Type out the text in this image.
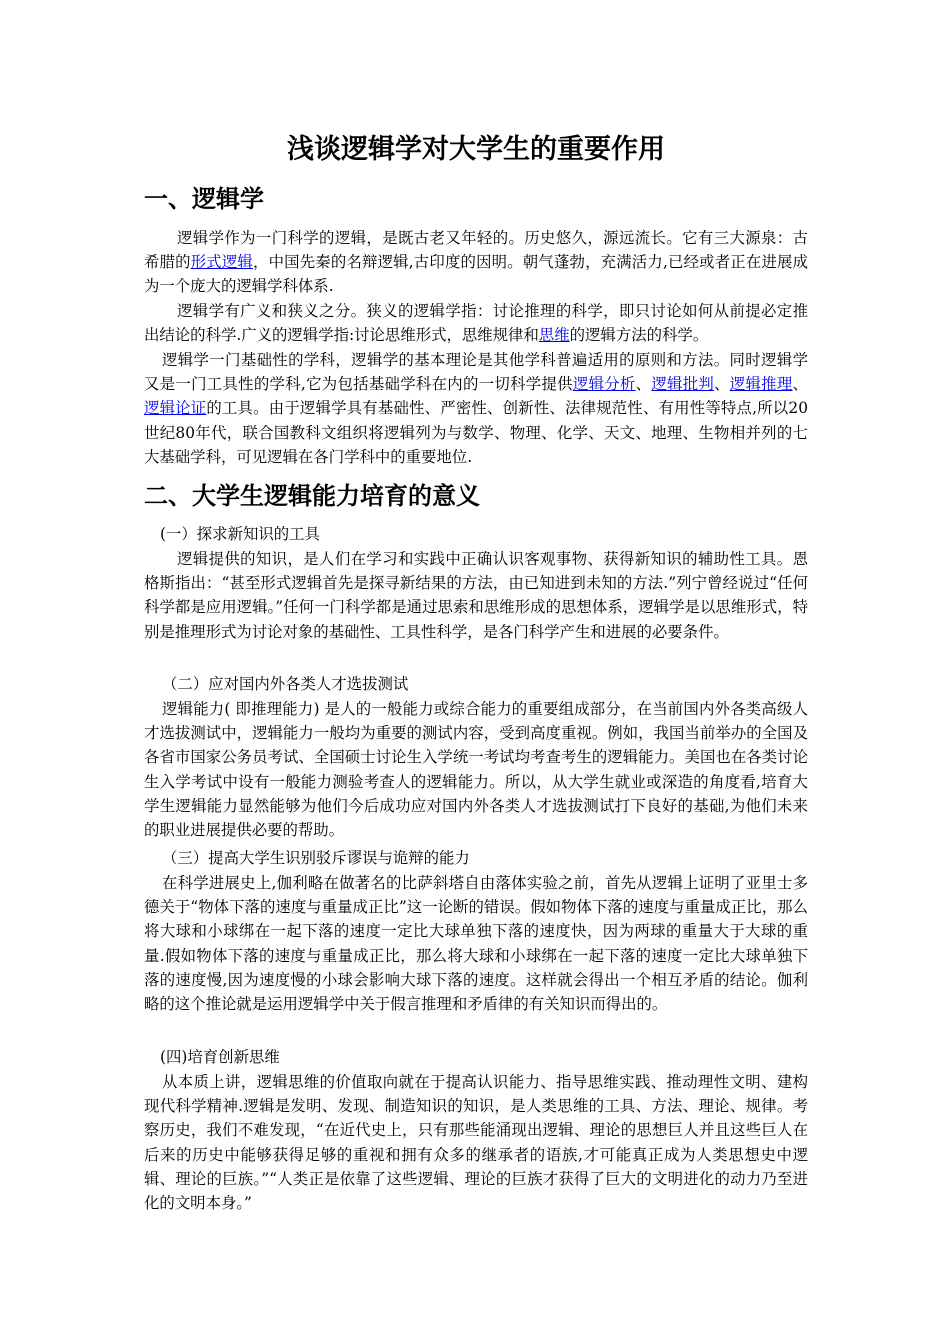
浅谈逻辑学对大学生的重要作用
一、逻辑学

逻辑学作为一门科学的逻辑，是既古老又年轻的。历史悠久，源远流长。它有三大源泉：古希腊的形式逻辑，中国先秦的名辩逻辑,古印度的因明。朝气蓬勃，充满活力,已经或者正在进展成为一个庞大的逻辑学科体系.

逻辑学有广义和狭义之分。狭义的逻辑学指：讨论推理的科学，即只讨论如何从前提必定推出结论的科学.广义的逻辑学指:讨论思维形式，思维规律和思维的逻辑方法的科学。

逻辑学一门基础性的学科，逻辑学的基本理论是其他学科普遍适用的原则和方法。同时逻辑学又是一门工具性的学科,它为包括基础学科在内的一切科学提供逻辑分析、逻辑批判、逻辑推理、逻辑论证的工具。由于逻辑学具有基础性、严密性、创新性、法律规范性、有用性等特点,所以20世纪80年代，联合国教科文组织将逻辑列为与数学、物理、化学、天文、地理、生物相并列的七大基础学科，可见逻辑在各门学科中的重要地位.

二、大学生逻辑能力培育的意义
(一）探求新知识的工具

逻辑提供的知识，是人们在学习和实践中正确认识客观事物、获得新知识的辅助性工具。恩格斯指出：“甚至形式逻辑首先是探寻新结果的方法，由已知进到未知的方法.”列宁曾经说过“任何科学都是应用逻辑。”任何一门科学都是通过思索和思维形成的思想体系，逻辑学是以思维形式，特别是推理形式为讨论对象的基础性、工具性科学，是各门科学产生和进展的必要条件。

（二）应对国内外各类人才选拔测试

逻辑能力( 即推理能力) 是人的一般能力或综合能力的重要组成部分，在当前国内外各类高级人才选拔测试中，逻辑能力一般均为重要的测试内容，受到高度重视。例如，我国当前举办的全国及各省市国家公务员考试、全国硕士讨论生入学统一考试均考查考生的逻辑能力。美国也在各类讨论生入学考试中设有一般能力测验考查人的逻辑能力。所以，从大学生就业或深造的角度看,培育大学生逻辑能力显然能够为他们今后成功应对国内外各类人才选拔测试打下良好的基础,为他们未来的职业进展提供必要的帮助。

（三）提高大学生识别驳斥谬误与诡辩的能力

在科学进展史上,伽利略在做著名的比萨斜塔自由落体实验之前，首先从逻辑上证明了亚里士多德关于“物体下落的速度与重量成正比”这一论断的错误。假如物体下落的速度与重量成正比，那么将大球和小球绑在一起下落的速度一定比大球单独下落的速度快，因为两球的重量大于大球的重量.假如物体下落的速度与重量成正比，那么将大球和小球绑在一起下落的速度一定比大球单独下落的速度慢,因为速度慢的小球会影响大球下落的速度。这样就会得出一个相互矛盾的结论。伽利略的这个推论就是运用逻辑学中关于假言推理和矛盾律的有关知识而得出的。

(四)培育创新思维

从本质上讲，逻辑思维的价值取向就在于提高认识能力、指导思维实践、推动理性文明、建构现代科学精神.逻辑是发明、发现、制造知识的知识，是人类思维的工具、方法、理论、规律。考察历史，我们不难发现，“在近代史上，只有那些能涌现出逻辑、理论的思想巨人并且这些巨人在后来的历史中能够获得足够的重视和拥有众多的继承者的语族,才可能真正成为人类思想史中逻辑、理论的巨族。”“人类正是依靠了这些逻辑、理论的巨族才获得了巨大的文明进化的动力乃至进化的文明本身。”
